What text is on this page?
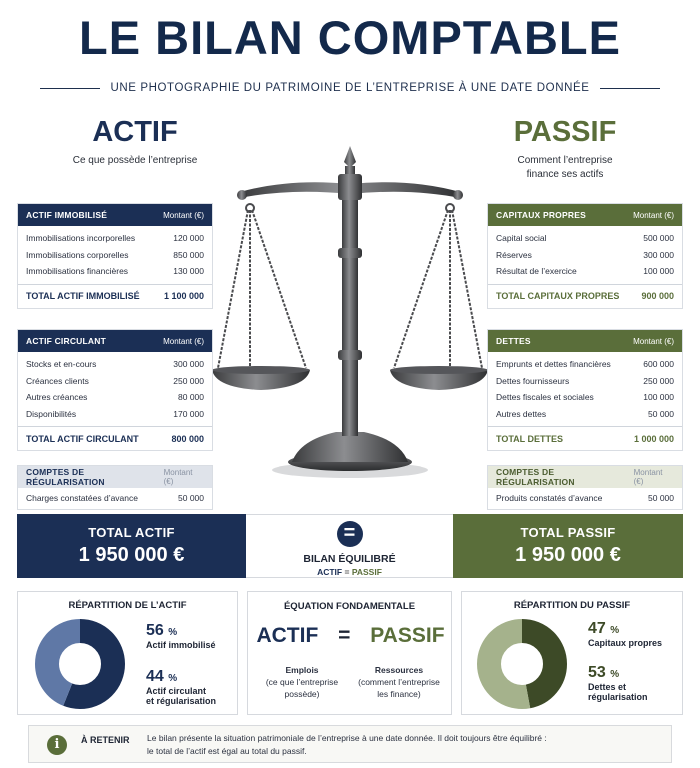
LE BILAN COMPTABLE
UNE PHOTOGRAPHIE DU PATRIMOINE DE L’ENTREPRISE À UNE DATE DONNÉE
ACTIF
Ce que possède l’entreprise
PASSIF
Comment l’entreprise
finance ses actifs
ACTIF IMMOBILISÉ	Montant (€)
Immobilisations incorporelles	120 000
Immobilisations corporelles	850 000
Immobilisations financières	130 000
TOTAL ACTIF IMMOBILISÉ	1 100 000
ACTIF CIRCULANT	Montant (€)
Stocks et en-cours	300 000
Créances clients	250 000
Autres créances	80 000
Disponibilités	170 000
TOTAL ACTIF CIRCULANT	800 000
COMPTES DE RÉGULARISATION
Montant (€)
Charges constatées d’avance	50 000
CAPITAUX PROPRES	Montant (€)
Capital social	500 000
Réserves	300 000
Résultat de l’exercice	100 000
TOTAL CAPITAUX PROPRES 900 000
DETTES	Montant (€)
Emprunts et dettes financières	600 000
Dettes fournisseurs	250 000
Dettes fiscales et sociales	100 000
Autres dettes	50 000
TOTAL DETTES	1 000 000
COMPTES DE RÉGULARISATION
Montant (€)
Produits constatés d’avance	50 000
TOTAL ACTIF
1 950 000 €
=
BILAN ÉQUILIBRÉ
ACTIF = PASSIF
TOTAL PASSIF
1 950 000 €
RÉPARTITION DE L’ACTIF
56 %
Actif immobilisé
44 %
Actif circulant
et régularisation
ÉQUATION FONDAMENTALE
ACTIF = PASSIF
Emplois
(ce que l’entreprise
possède)
Ressources
(comment l’entreprise
les finance)
RÉPARTITION DU PASSIF
47 %
Capitaux propres
53 %
Dettes et
régularisation
i	À RETENIR Le bilan présente la situation patrimoniale de l’entreprise à une date donnée. Il doit toujours être équilibré :
le total de l’actif est égal au total du passif.
